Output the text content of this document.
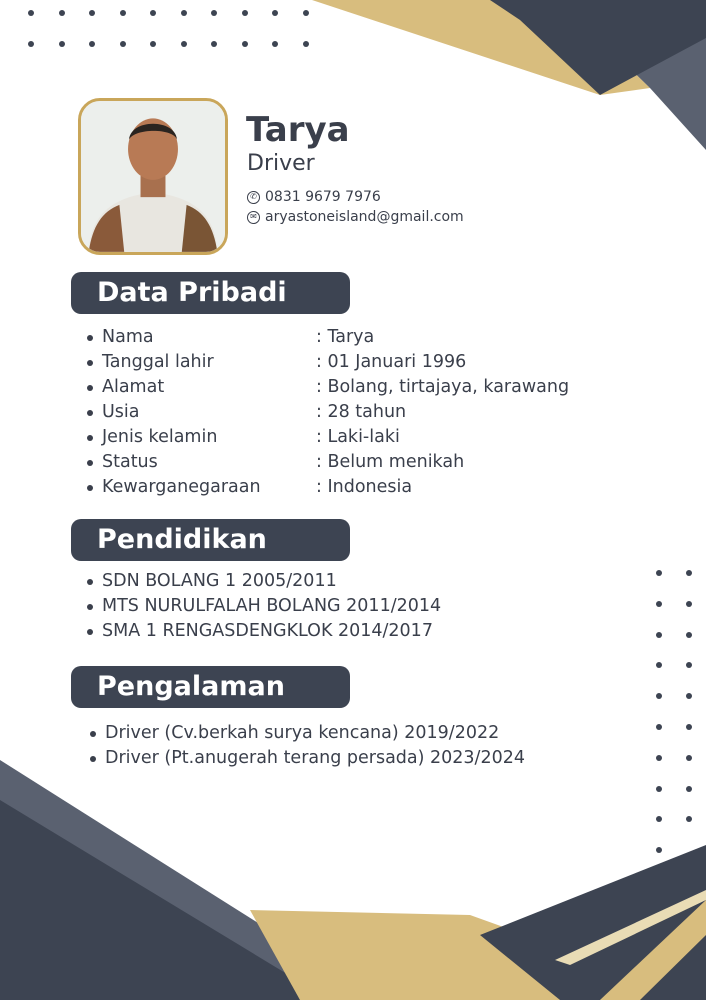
Tarya
Driver
✆ 0831 9679 7976
✉ aryastoneisland@gmail.com
Data Pribadi
Nama	: Tarya
Tanggal lahir	: 01 Januari 1996
Alamat	: Bolang, tirtajaya, karawang
Usia	: 28 tahun
Jenis kelamin	: Laki-laki
Status	: Belum menikah
Kewarganegaraan	: Indonesia
Pendidikan
SDN BOLANG 1 2005/2011
MTS NURULFALAH BOLANG 2011/2014
SMA 1 RENGASDENGKLOK 2014/2017
Pengalaman
Driver (Cv.berkah surya kencana) 2019/2022
Driver (Pt.anugerah terang persada) 2023/2024
